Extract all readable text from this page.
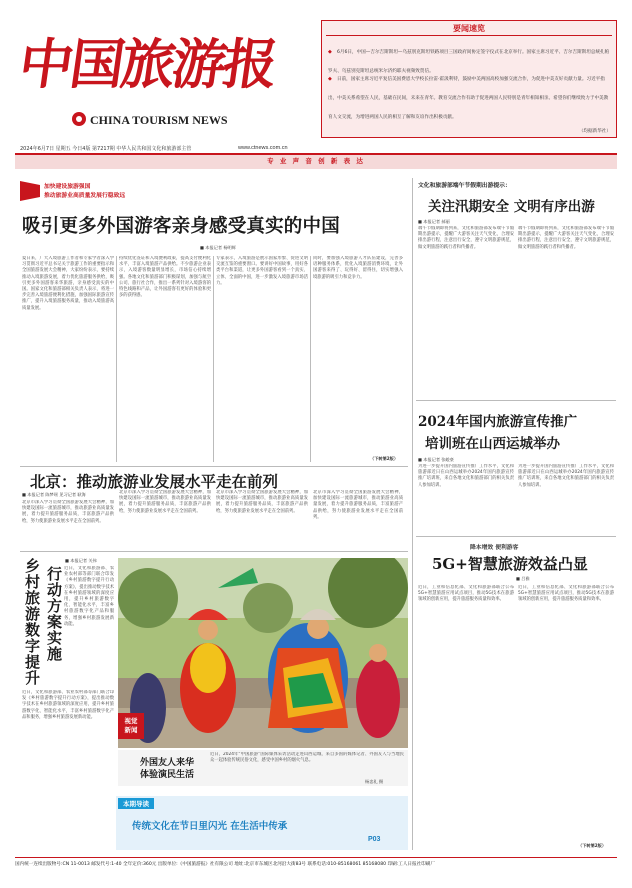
中国旅游报
CHINA TOURISM NEWS
www.ctnews.com.cn
2024年6月7日 星期五 今日4版 第7217期 中华人民共和国文化和旅游部主管
要闻速览
◆ 6月6日，中国—吉尔吉斯斯坦—乌兹别克斯坦铁路项目三国政府间协定签字仪式在北京举行。国家主席习近平、吉尔吉斯斯坦总统扎帕罗夫、乌兹别克斯坦总统米尔济约耶夫视频致贺信。
◆ 日前，国家主席习近平复信美国费恩大学校长拉雷·霍汲利特，鼓励中美两国高校加强交流合作，为促进中美友好贡献力量。习近平指出，中美关系希望在人民，基础在民间，未来在青年。教育交流合作有助于促进两国人民特别是青年相知相亲。希望你们继续致力于中美教育人文交流，为增进两国人民的相互了解和友谊作出积极贡献。
（均据新华社）
专 业 声 音 创 新 表 达
加快建设旅游强国
推动旅游业高质量发展行稳致远
吸引更多外国游客亲身感受真实的中国
■ 本报记者 杨明辉
夏日来，广大入境旅游工作者和专家学者深入学习贯彻习近平总书记关于旅游工作的重要指示和全国旅游发展大会精神，大家纷纷表示，要持续推动入境旅游发展，着力优化旅游服务供给，吸引更多外国游客来华旅游，亲身感受真实的中国。国家文化和旅游部相关负责人表示，将进一步完善入境旅游便利化措施，加强国际旅游宣传推广，提升入境旅游服务质量，推动入境旅游高质量发展。
持续优化签证和入境便利政策，提高支付便利化水平，丰富入境旅游产品供给。不少旅游企业表示，入境游客数量明显增长，市场信心持续增强。各地文化和旅游部门积极谋划，加强与航空公司、旅行社合作，推出一系列针对入境游客的特色线路和产品，让外国游客有更好的体验和更多的获得感。
专家表示，入境旅游是展示国家形象、促进文明交流互鉴的重要窗口。要讲好中国故事，用好各类平台和渠道，让更多外国游客看到一个真实、立体、全面的中国，进一步激发入境旅游市场活力。
同时，要加强入境旅游人才队伍建设，完善多语种服务体系，优化入境旅游消费环境，让外国游客来得了、玩得好、留得住，切实增强入境旅游的吸引力和竞争力。
（下转第2版）
北京：推动旅游业发展水平走在前列
■ 本报记者 陈梦瑶 见习记者 耿海
北京市深入学习贯彻全国旅游发展大会精神，加快建设国际一流旅游城市，推动旅游业高质量发展，着力提升旅游服务品质，丰富旅游产品供给，努力使旅游业发展水平走在全国前列。
北京市深入学习贯彻全国旅游发展大会精神，加快建设国际一流旅游城市，推动旅游业高质量发展，着力提升旅游服务品质，丰富旅游产品供给，努力使旅游业发展水平走在全国前列。
北京市深入学习贯彻全国旅游发展大会精神，加快建设国际一流旅游城市，推动旅游业高质量发展，着力提升旅游服务品质，丰富旅游产品供给，努力使旅游业发展水平走在全国前列。
北京市深入学习贯彻全国旅游发展大会精神，加快建设国际一流旅游城市，推动旅游业高质量发展，着力提升旅游服务品质，丰富旅游产品供给，努力使旅游业发展水平走在全国前列。
乡村旅游数字提升 行动方案实施
■ 本报记者 关伟
近日，文化和旅游部、农业农村部等部门联合印发《乡村旅游数字提升行动方案》，提出推动数字技术在乡村旅游领域的深度应用，提升乡村旅游数字化、智能化水平，丰富乡村旅游数字化产品和服务，增强乡村旅游发展新动能。
近日，文化和旅游部、农业农村部等部门联合印发《乡村旅游数字提升行动方案》，提出推动数字技术在乡村旅游领域的深度应用，提升乡村旅游数字化、智能化水平，丰富乡村旅游数字化产品和服务，增强乡村旅游发展新动能。	视觉
新闻
外国友人来华体验演民生活
近日，2024年“中国旅游”国际媒体采访活动走进山西运城，来自多国的媒体记者、外国友人与当地民众一起体验传统民俗文化，感受中国乡村的烟火气息。
杨忠礼 摄
本期导读
传统文化在节日里闪光 在生活中传承
P03
文化和旅游部端午节假期出游提示：
关注汛期安全 文明有序出游
■ 本报记者 郝丽
端午节假期即将到来，文化和旅游部发布端午节假期出游提示，提醒广大游客关注天气变化，合理安排出游行程，注意出行安全，遵守文明旅游规范，做文明旅游的践行者和传播者。
端午节假期即将到来，文化和旅游部发布端午节假期出游提示，提醒广大游客关注天气变化，合理安排出游行程，注意出行安全，遵守文明旅游规范，做文明旅游的践行者和传播者。
2024年国内旅游宣传推广
培训班在山西运城举办
■ 本报记者 张峻豪
为进一步提升国内旅游宣传推广工作水平，文化和旅游部近日在山西运城举办2024年国内旅游宣传推广培训班，来自各地文化和旅游部门的相关负责人参加培训。
为进一步提升国内旅游宣传推广工作水平，文化和旅游部近日在山西运城举办2024年国内旅游宣传推广培训班，来自各地文化和旅游部门的相关负责人参加培训。
降本增效 便利游客
5G+智慧旅游效益凸显
■ 吕雅
近日，工业和信息化部、文化和旅游部联合公布5G+智慧旅游应用试点项目，推动5G技术在旅游领域的创新应用，提升旅游服务质量和效率。
近日，工业和信息化部、文化和旅游部联合公布5G+智慧旅游应用试点项目，推动5G技术在旅游领域的创新应用，提升旅游服务质量和效率。
（下转第2版）
国内统一连续出版物号:CN 11-0013 邮发代号:1-40 全年定价:360元 出版单位:《中国旅游报》社有限公司 地址:北京市东城区北河沿大街83号 联系电话:010-85168061 85168080 印刷:工人日报社印刷厂
